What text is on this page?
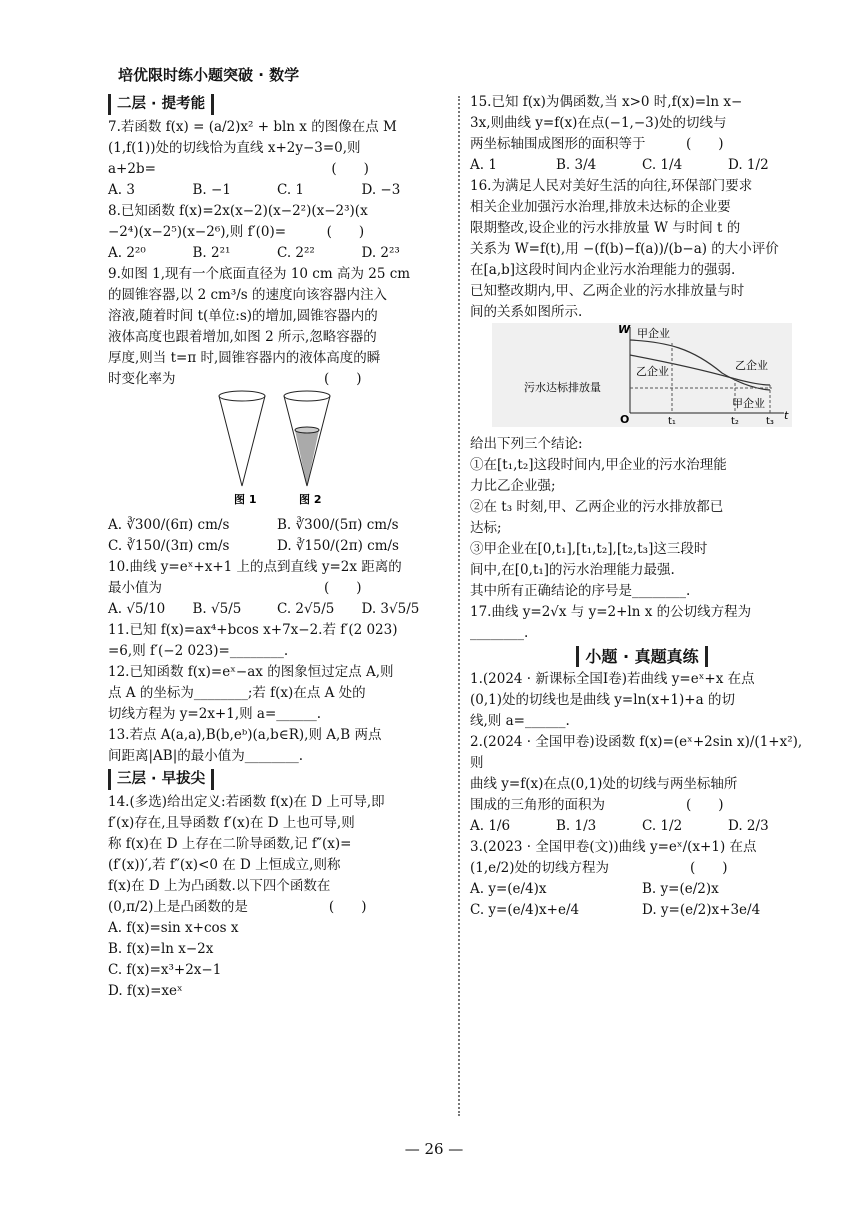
培优限时练小题突破 · 数学
二层 · 提考能

7.若函数 f(x) = (a/2)x² + bln x 的图像在点 M

(1,f(1))处的切线恰为直线 x+2y−3=0,则

a+2b=　　　　　　　　　　　　　(　　)

A. 3	B. −1	C. 1	D. −3

8.已知函数 f(x)=2x(x−2)(x−2²)(x−2³)(x

−2⁴)(x−2⁵)(x−2⁶),则 f′(0)=　　　(　　)

A. 2²⁰	B. 2²¹	C. 2²²	D. 2²³

9.如图 1,现有一个底面直径为 10 cm 高为 25 cm

的圆锥容器,以 2 cm³/s 的速度向该容器内注入

溶液,随着时间 t(单位:s)的增加,圆锥容器内的

液体高度也跟着增加,如图 2 所示,忽略容器的

厚度,则当 t=π 时,圆锥容器内的液体高度的瞬

时变化率为　　　　　　　　　　　(　　)

图 1	图 2
A. ∛300/(6π) cm/s	B. ∛300/(5π) cm/s
C. ∛150/(3π) cm/s	D. ∛150/(2π) cm/s

10.曲线 y=eˣ+x+1 上的点到直线 y=2x 距离的

最小值为　　　　　　　　　　　　(　　)

A. √5/10	B. √5/5	C. 2√5/5	D. 3√5/5

11.已知 f(x)=ax⁴+bcos x+7x−2.若 f′(2 023)

=6,则 f′(−2 023)=________.

12.已知函数 f(x)=eˣ−ax 的图象恒过定点 A,则

点 A 的坐标为________;若 f(x)在点 A 处的

切线方程为 y=2x+1,则 a=______.

13.若点 A(a,a),B(b,eᵇ)(a,b∈R),则 A,B 两点

间距离|AB|的最小值为________.

三层 · 早拔尖

14.(多选)给出定义:若函数 f(x)在 D 上可导,即

f′(x)存在,且导函数 f′(x)在 D 上也可导,则

称 f(x)在 D 上存在二阶导函数,记 f″(x)=

(f′(x))′,若 f″(x)<0 在 D 上恒成立,则称

f(x)在 D 上为凸函数.以下四个函数在

(0,π/2)上是凸函数的是　　　　　　(　　)

A. f(x)=sin x+cos x

B. f(x)=ln x−2x

C. f(x)=x³+2x−1

D. f(x)=xeˣ

15.已知 f(x)为偶函数,当 x>0 时,f(x)=ln x−

3x,则曲线 y=f(x)在点(−1,−3)处的切线与

两坐标轴围成图形的面积等于　　　(　　)

A. 1	B. 3/4	C. 1/4	D. 1/2

16.为满足人民对美好生活的向往,环保部门要求

相关企业加强污水治理,排放未达标的企业要

限期整改,设企业的污水排放量 W 与时间 t 的

关系为 W=f(t),用 −(f(b)−f(a))/(b−a) 的大小评价

在[a,b]这段时间内企业污水治理能力的强弱.

已知整改期内,甲、乙两企业的污水排放量与时

间的关系如图所示.

W
O	t
甲企业
乙企业	乙企业
甲企业
污水达标排放量
t₁	t₂	t₃

给出下列三个结论:

①在[t₁,t₂]这段时间内,甲企业的污水治理能

力比乙企业强;

②在 t₃ 时刻,甲、乙两企业的污水排放都已

达标;

③甲企业在[0,t₁],[t₁,t₂],[t₂,t₃]这三段时

间中,在[0,t₁]的污水治理能力最强.

其中所有正确结论的序号是________.

17.曲线 y=2√x 与 y=2+ln x 的公切线方程为

________.

小题 · 真题真练

1.(2024 · 新课标全国Ⅰ卷)若曲线 y=eˣ+x 在点

(0,1)处的切线也是曲线 y=ln(x+1)+a 的切

线,则 a=______.

2.(2024 · 全国甲卷)设函数 f(x)=(eˣ+2sin x)/(1+x²),则

曲线 y=f(x)在点(0,1)处的切线与两坐标轴所

围成的三角形的面积为　　　　　　(　　)

A. 1/6	B. 1/3	C. 1/2	D. 2/3

3.(2023 · 全国甲卷(文))曲线 y=eˣ/(x+1) 在点

(1,e/2)处的切线方程为　　　　　　(　　)

A. y=(e/4)x	B. y=(e/2)x
C. y=(e/4)x+e/4	D. y=(e/2)x+3e/4
— 26 —
